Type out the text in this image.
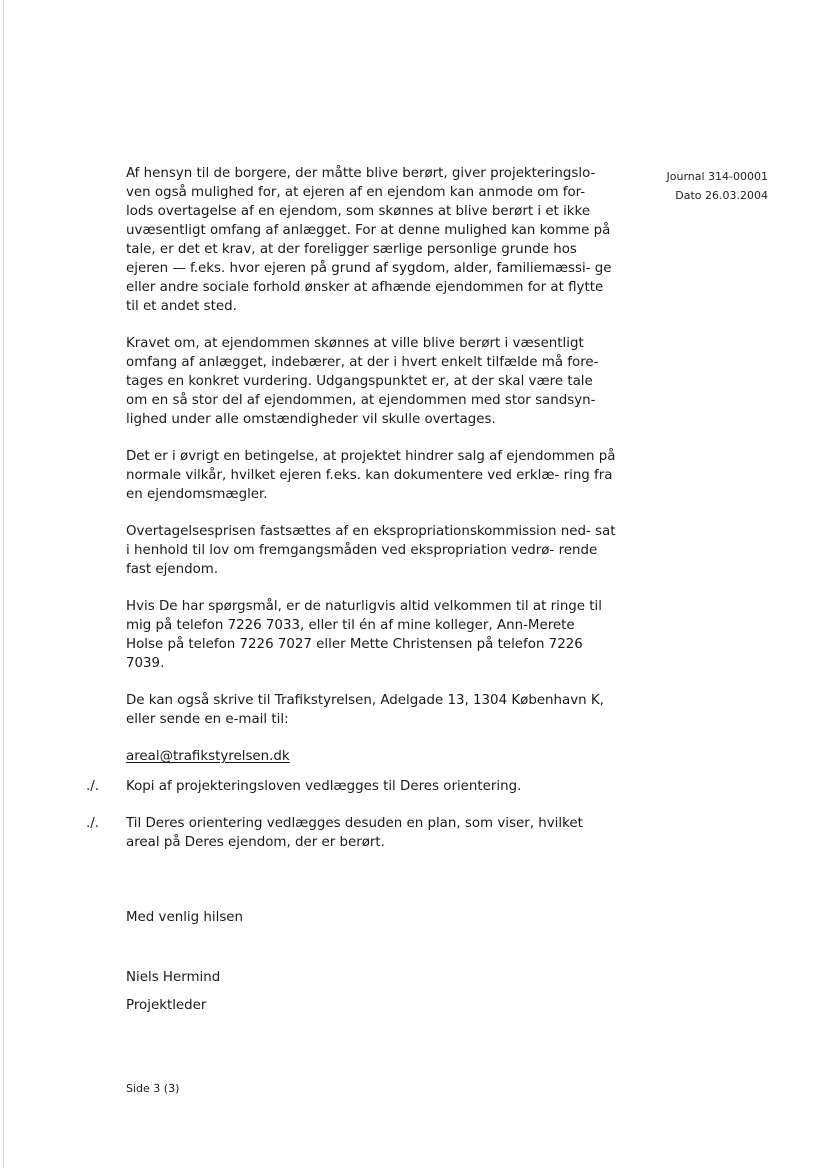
Journal 314-00001
Dato 26.03.2004

Af hensyn til de borgere, der måtte blive berørt, giver projekteringslo- ven også mulighed for, at ejeren af en ejendom kan anmode om for- lods overtagelse af en ejendom, som skønnes at blive berørt i et ikke uvæsentligt omfang af anlægget. For at denne mulighed kan komme på tale, er det et krav, at der foreligger særlige personlige grunde hos ejeren — f.eks. hvor ejeren på grund af sygdom, alder, familiemæssi- ge eller andre sociale forhold ønsker at afhænde ejendommen for at flytte til et andet sted.

Kravet om, at ejendommen skønnes at ville blive berørt i væsentligt omfang af anlægget, indebærer, at der i hvert enkelt tilfælde må fore- tages en konkret vurdering. Udgangspunktet er, at der skal være tale om en så stor del af ejendommen, at ejendommen med stor sandsyn- lighed under alle omstændigheder vil skulle overtages.

Det er i øvrigt en betingelse, at projektet hindrer salg af ejendommen på normale vilkår, hvilket ejeren f.eks. kan dokumentere ved erklæ- ring fra en ejendomsmægler.

Overtagelsesprisen fastsættes af en ekspropriationskommission ned- sat i henhold til lov om fremgangsmåden ved ekspropriation vedrø- rende fast ejendom.

Hvis De har spørgsmål, er de naturligvis altid velkommen til at ringe til mig på telefon 7226 7033, eller til én af mine kolleger, Ann-Merete Holse på telefon 7226 7027 eller Mette Christensen på telefon 7226 7039.

De kan også skrive til Trafikstyrelsen, Adelgade 13, 1304 København K, eller sende en e-mail til:

areal@trafikstyrelsen.dk

./. Kopi af projekteringsloven vedlægges til Deres orientering.
./. Til Deres orientering vedlægges desuden en plan, som viser, hvilket areal på Deres ejendom, der er berørt.
Med venlig hilsen
Niels Hermind
Projektleder
Side 3 (3)
